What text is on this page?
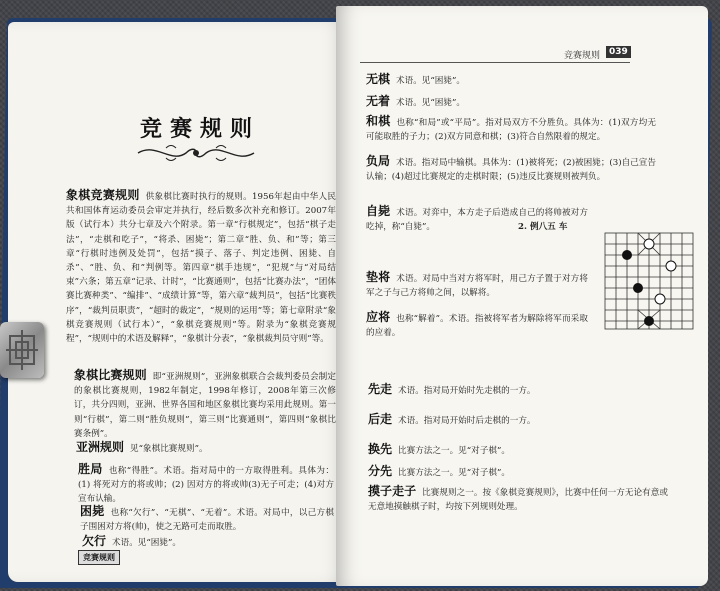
竞赛规则
象棋竞赛规则 供象棋比赛时执行的规则。1956年起由中华人民共和国体育运动委员会审定并执行，经后数多次补充和修订。2007年版（试行本）共分七章及六个附录。第一章“行棋规定”，包括“棋子走法”，“走棋和吃子”，“将杀、困毙”；第二章“胜、负、和”等；第三章“行棋时违例及处罚”，包括“摸子、落子、判定违例、困毙、自杀”、“胜、负、和”判例等。第四章“棋手违规”，“犯规”与“对局结束”六条；第五章“记录、计时”，“比赛通则”，包括“比赛办法”，“团体赛比赛种类”、“编排”、“成绩计算”等，第六章“裁判员”，包括“比赛秩序”，“裁判员职责”，“超时的裁定”，“规则的运用”等；第七章附录“象棋竞赛规则（试行本）”，“象棋竞赛规则”等。附录为“象棋竞赛规程”，“规则中的术语及解释”，“象棋计分表”，“象棋裁判员守则”等。
象棋比赛规则 即“亚洲规则”，亚洲象棋联合会裁判委员会制定的象棋比赛规则，1982年制定，1998年修订，2008年第三次修订，共分四则，亚洲、世界各国和地区象棋比赛均采用此规则。第一则“行棋”，第二则“胜负规则”，第三则“比赛通则”，第四则“象棋比赛条例”。
亚洲规则 见“象棋比赛规则”。
胜局 也称“得胜”。术语。指对局中的一方取得胜利。具体为：(1) 将死对方的将或帅；(2) 因对方的将或帅(3)无子可走；(4)对方宣布认输。
困毙 也称“欠行”、“无棋”、“无着”。术语。对局中，以己方棋子围困对方将(帅)，使之无路可走而取胜。
欠行 术语。见“困毙”。
竞赛规则
竞赛规则 039
无棋 术语。见“困毙”。
无着 术语。见“困毙”。
和棋 也称“和局”或“平局”。指对局双方不分胜负。具体为：(1)双方均无可能取胜的子力；(2)双方同意和棋；(3)符合自然限着的规定。
负局 术语。指对局中输棋。具体为：(1)被将死；(2)被困毙；(3)自己宣告认输；(4)超过比赛规定的走棋时限；(5)违反比赛规则被判负。
自毙 术语。对弈中，本方走子后造成自己的将帅被对方吃掉，称“自毙”。
垫将 术语。对局中当对方将军时，用己方子置于对方将军之子与己方将帅之间，以解将。
应将 也称“解着”。术语。指被将军者为解除将军而采取的应着。
先走 术语。指对局开始时先走棋的一方。
后走 术语。指对局开始时后走棋的一方。
换先 比赛方法之一。见“对子棋”。
分先 比赛方法之一。见“对子棋”。
摸子走子 比赛规则之一。按《象棋竞赛规则》，比赛中任何一方无论有意或无意地摸触棋子时，均按下列规则处理。
2. 例八五 车
